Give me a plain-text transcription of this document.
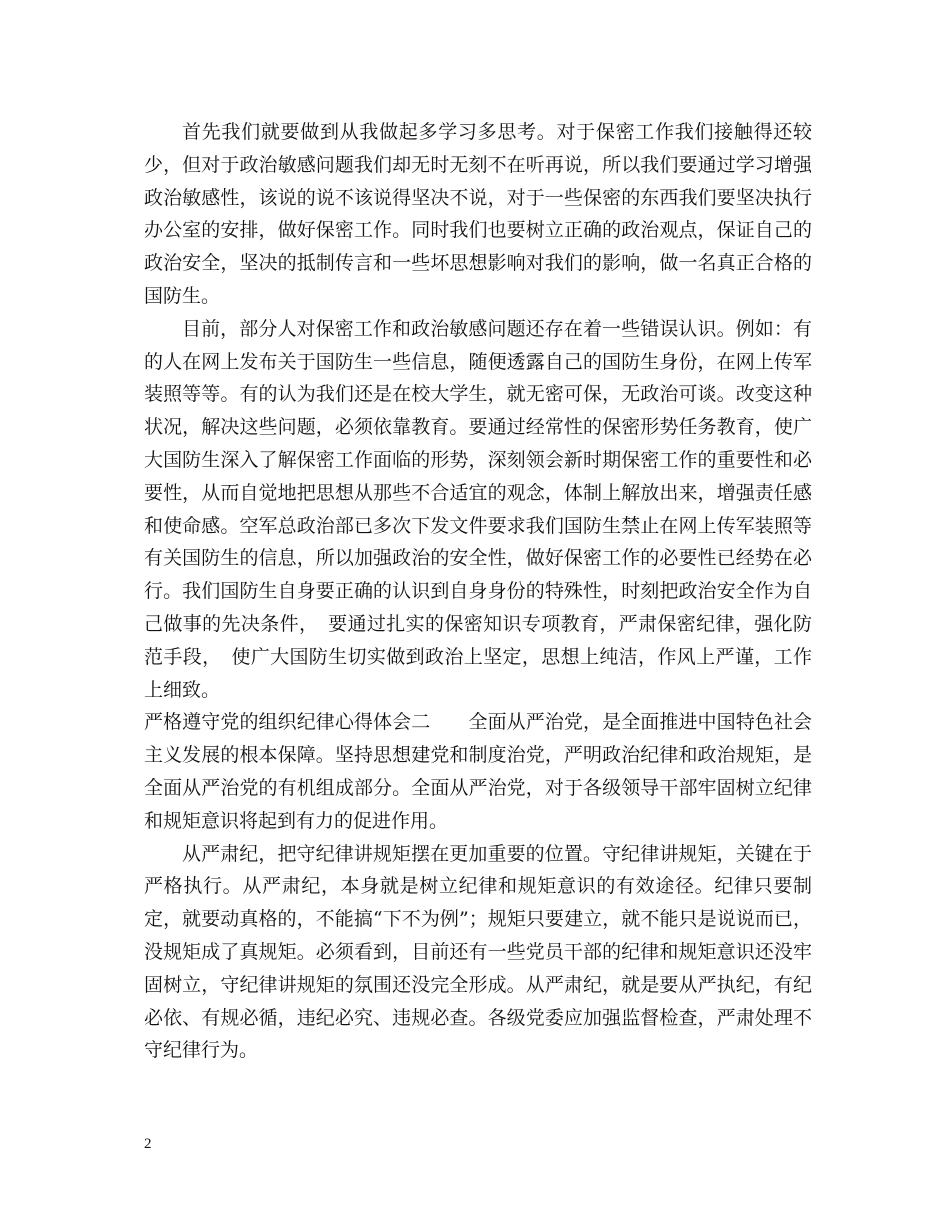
首先我们就要做到从我做起多学习多思考。对于保密工作我们接触得还较少，但对于政治敏感问题我们却无时无刻不在听再说，所以我们要通过学习增强政治敏感性，该说的说不该说得坚决不说，对于一些保密的东西我们要坚决执行办公室的安排，做好保密工作。同时我们也要树立正确的政治观点，保证自己的政治安全，坚决的抵制传言和一些坏思想影响对我们的影响，做一名真正合格的国防生。

目前，部分人对保密工作和政治敏感问题还存在着一些错误认识。例如：有的人在网上发布关于国防生一些信息，随便透露自己的国防生身份，在网上传军装照等等。有的认为我们还是在校大学生，就无密可保，无政治可谈。改变这种状况，解决这些问题，必须依靠教育。要通过经常性的保密形势任务教育，使广大国防生深入了解保密工作面临的形势，深刻领会新时期保密工作的重要性和必要性，从而自觉地把思想从那些不合适宜的观念，体制上解放出来，增强责任感和使命感。空军总政治部已多次下发文件要求我们国防生禁止在网上传军装照等有关国防生的信息，所以加强政治的安全性，做好保密工作的必要性已经势在必行。我们国防生自身要正确的认识到自身身份的特殊性，时刻把政治安全作为自己做事的先决条件，　要通过扎实的保密知识专项教育，严肃保密纪律，强化防范手段，　使广大国防生切实做到政治上坚定，思想上纯洁，作风上严谨，工作上细致。

严格遵守党的组织纪律心得体会二　　全面从严治党，是全面推进中国特色社会主义发展的根本保障。坚持思想建党和制度治党，严明政治纪律和政治规矩，是全面从严治党的有机组成部分。全面从严治党，对于各级领导干部牢固树立纪律和规矩意识将起到有力的促进作用。

从严肃纪，把守纪律讲规矩摆在更加重要的位置。守纪律讲规矩，关键在于严格执行。从严肃纪，本身就是树立纪律和规矩意识的有效途径。纪律只要制定，就要动真格的，不能搞“下不为例”；规矩只要建立，就不能只是说说而已，没规矩成了真规矩。必须看到，目前还有一些党员干部的纪律和规矩意识还没牢固树立，守纪律讲规矩的氛围还没完全形成。从严肃纪，就是要从严执纪，有纪必依、有规必循，违纪必究、违规必查。各级党委应加强监督检查，严肃处理不守纪律行为。

2
